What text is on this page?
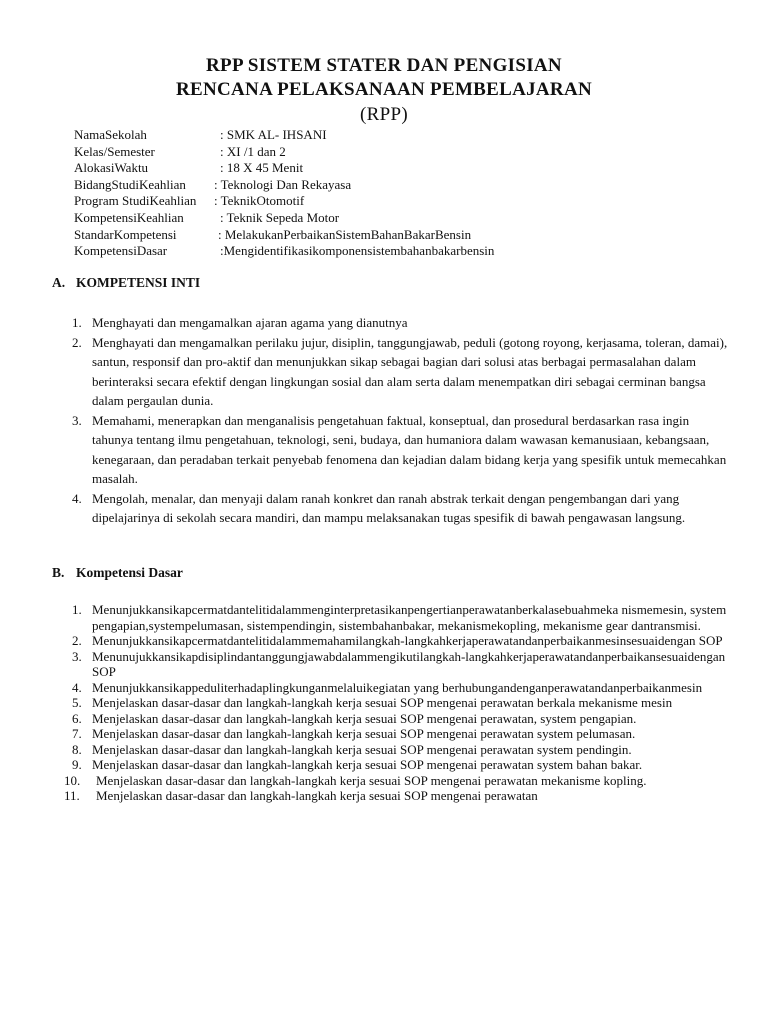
RPP SISTEM STATER DAN PENGISIAN
RENCANA PELAKSANAAN PEMBELAJARAN
(RPP)
NamaSekolah	: SMK AL- IHSANI
Kelas/Semester	: XI /1 dan 2
AlokasiWaktu	: 18 X 45 Menit
BidangStudiKeahlian : Teknologi Dan Rekayasa
Program StudiKeahlian : TeknikOtomotif
KompetensiKeahlian	: Teknik Sepeda Motor
StandarKompetensi	: MelakukanPerbaikanSistemBahanBakarBensin
KompetensiDasar	:Mengidentifikasikomponensistembahanbakarbensin
A. KOMPETENSI INTI
1. Menghayati dan mengamalkan ajaran agama yang dianutnya
2. Menghayati dan mengamalkan perilaku jujur, disiplin, tanggungjawab, peduli (gotong royong, kerjasama, toleran, damai), santun, responsif dan pro-aktif dan menunjukkan sikap sebagai bagian dari solusi atas berbagai permasalahan dalam berinteraksi secara efektif dengan lingkungan sosial dan alam serta dalam menempatkan diri sebagai cerminan bangsa dalam pergaulan dunia.
3. Memahami, menerapkan dan menganalisis pengetahuan faktual, konseptual, dan prosedural berdasarkan rasa ingin tahunya tentang ilmu pengetahuan, teknologi, seni, budaya, dan humaniora dalam wawasan kemanusiaan, kebangsaan, kenegaraan, dan peradaban terkait penyebab fenomena dan kejadian dalam bidang kerja yang spesifik untuk memecahkan masalah.
4. Mengolah, menalar, dan menyaji dalam ranah konkret dan ranah abstrak terkait dengan pengembangan dari yang dipelajarinya di sekolah secara mandiri, dan mampu melaksanakan tugas spesifik di bawah pengawasan langsung.
B. Kompetensi Dasar
1. Menunjukkansikapcermatdantelitidalammenginterpretasikanpengertianperawatanberkalasebuahmeka nismemesin, system pengapian,systempelumasan, sistempendingin, sistembahanbakar, mekanismekopling, mekanisme gear dantransmisi.
2. Menunjukkansikapcermatdantelitidalammemahamilangkah-langkahkerjaperawatandanperbaikanmesinsesuaidengan SOP
3. Menunujukkansikapdisiplindantanggungjawabdalammengikutilangkah-langkahkerjaperawatandanperbaikansesuaidengan SOP
4. Menunjukkansikappeduliterhadaplingkunganmelaluikegiatan yang berhubungandenganperawatandanperbaikanmesin
5. Menjelaskan dasar-dasar dan langkah-langkah kerja sesuai SOP mengenai perawatan berkala mekanisme mesin
6. Menjelaskan dasar-dasar dan langkah-langkah kerja sesuai SOP mengenai perawatan, system pengapian.
7. Menjelaskan dasar-dasar dan langkah-langkah kerja sesuai SOP mengenai perawatan system pelumasan.
8. Menjelaskan dasar-dasar dan langkah-langkah kerja sesuai SOP mengenai perawatan system pendingin.
9. Menjelaskan dasar-dasar dan langkah-langkah kerja sesuai SOP mengenai perawatan system bahan bakar.
10. Menjelaskan dasar-dasar dan langkah-langkah kerja sesuai SOP mengenai perawatan mekanisme kopling.
11. Menjelaskan dasar-dasar dan langkah-langkah kerja sesuai SOP mengenai perawatan
